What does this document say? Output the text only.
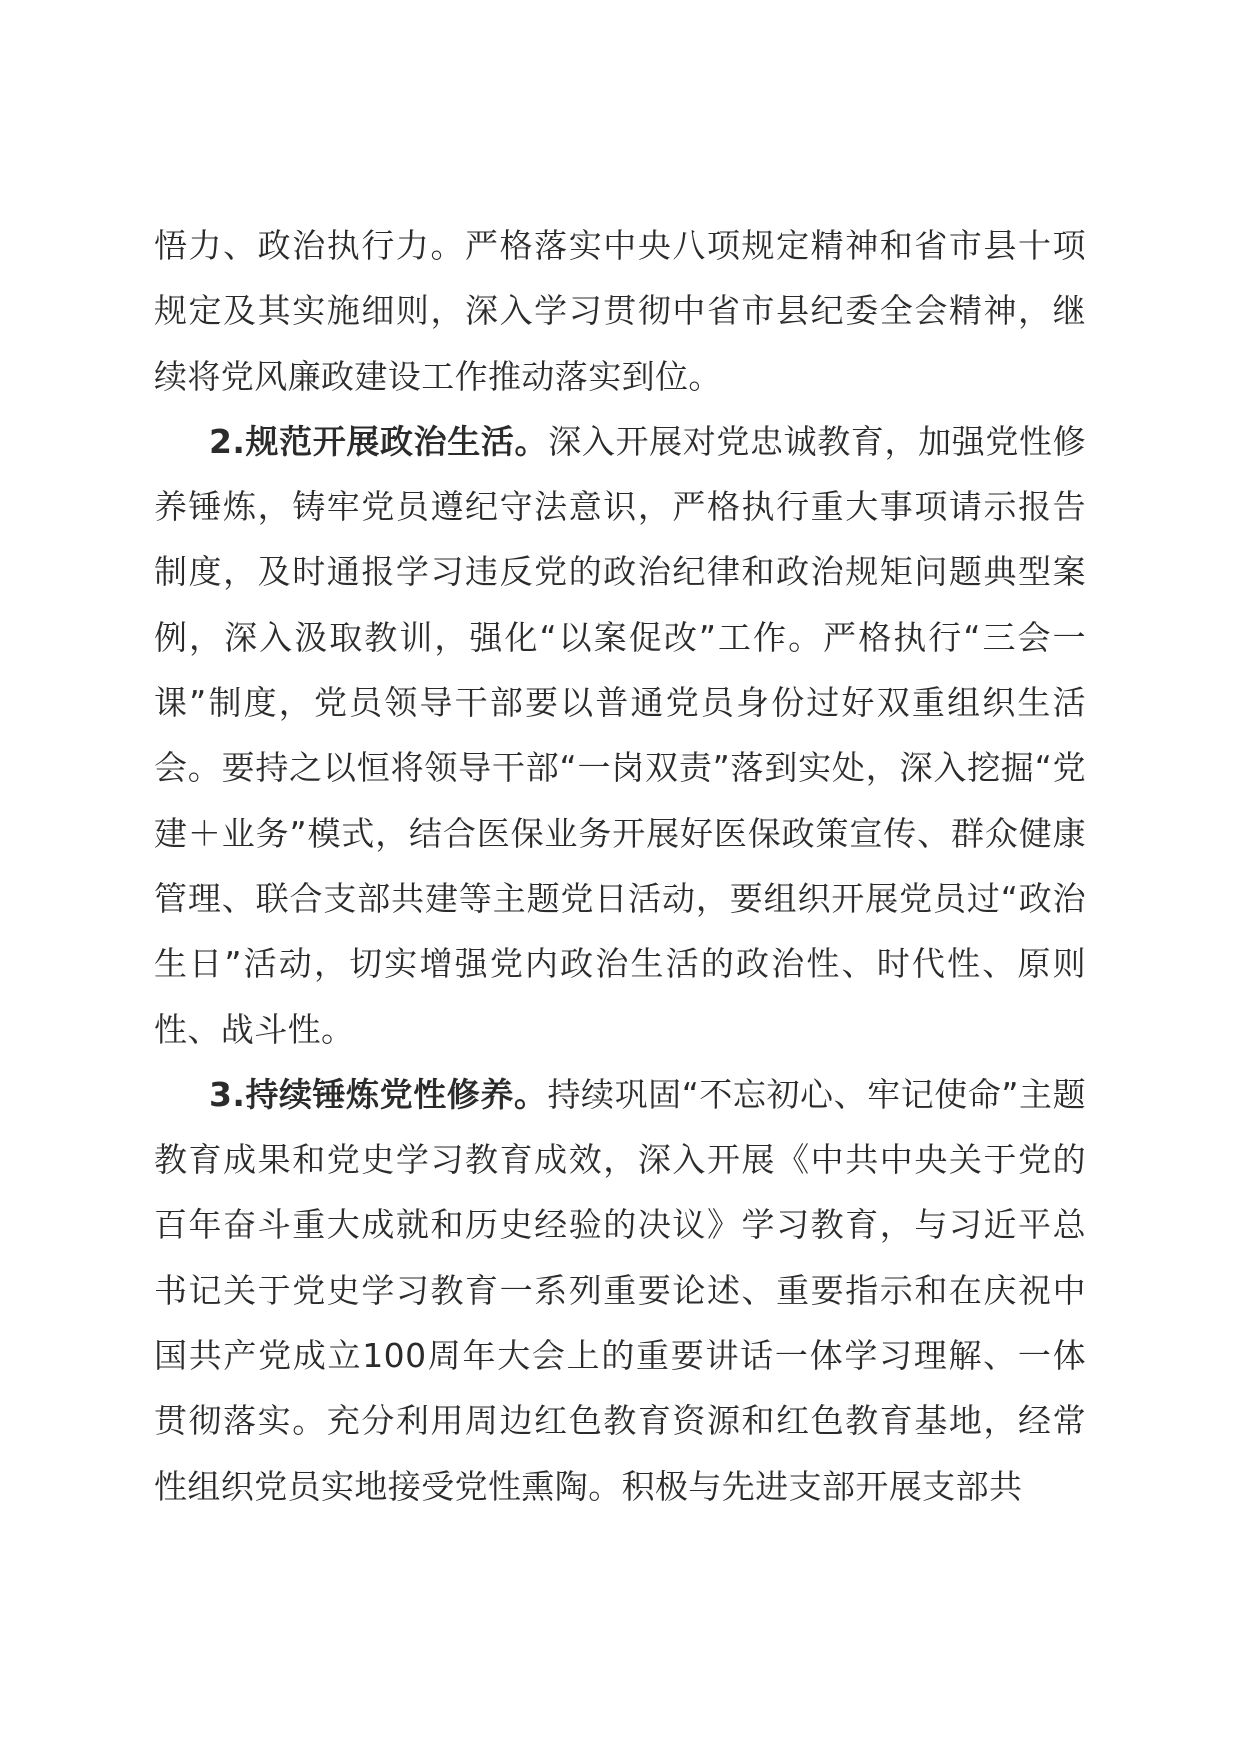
悟力、政治执行力。严格落实中央八项规定精神和省市县十项规定及其实施细则，深入学习贯彻中省市县纪委全会精神，继续将党风廉政建设工作推动落实到位。

2.规范开展政治生活。深入开展对党忠诚教育，加强党性修养锤炼，铸牢党员遵纪守法意识，严格执行重大事项请示报告制度，及时通报学习违反党的政治纪律和政治规矩问题典型案例，深入汲取教训，强化“以案促改”工作。严格执行“三会一课”制度，党员领导干部要以普通党员身份过好双重组织生活会。要持之以恒将领导干部“一岗双责”落到实处，深入挖掘“党建＋业务”模式，结合医保业务开展好医保政策宣传、群众健康管理、联合支部共建等主题党日活动，要组织开展党员过“政治生日”活动，切实增强党内政治生活的政治性、时代性、原则性、战斗性。

3.持续锤炼党性修养。持续巩固“不忘初心、牢记使命”主题教育成果和党史学习教育成效，深入开展《中共中央关于党的百年奋斗重大成就和历史经验的决议》学习教育，与习近平总书记关于党史学习教育一系列重要论述、重要指示和在庆祝中国共产党成立100周年大会上的重要讲话一体学习理解、一体贯彻落实。充分利用周边红色教育资源和红色教育基地，经常性组织党员实地接受党性熏陶。积极与先进支部开展支部共
